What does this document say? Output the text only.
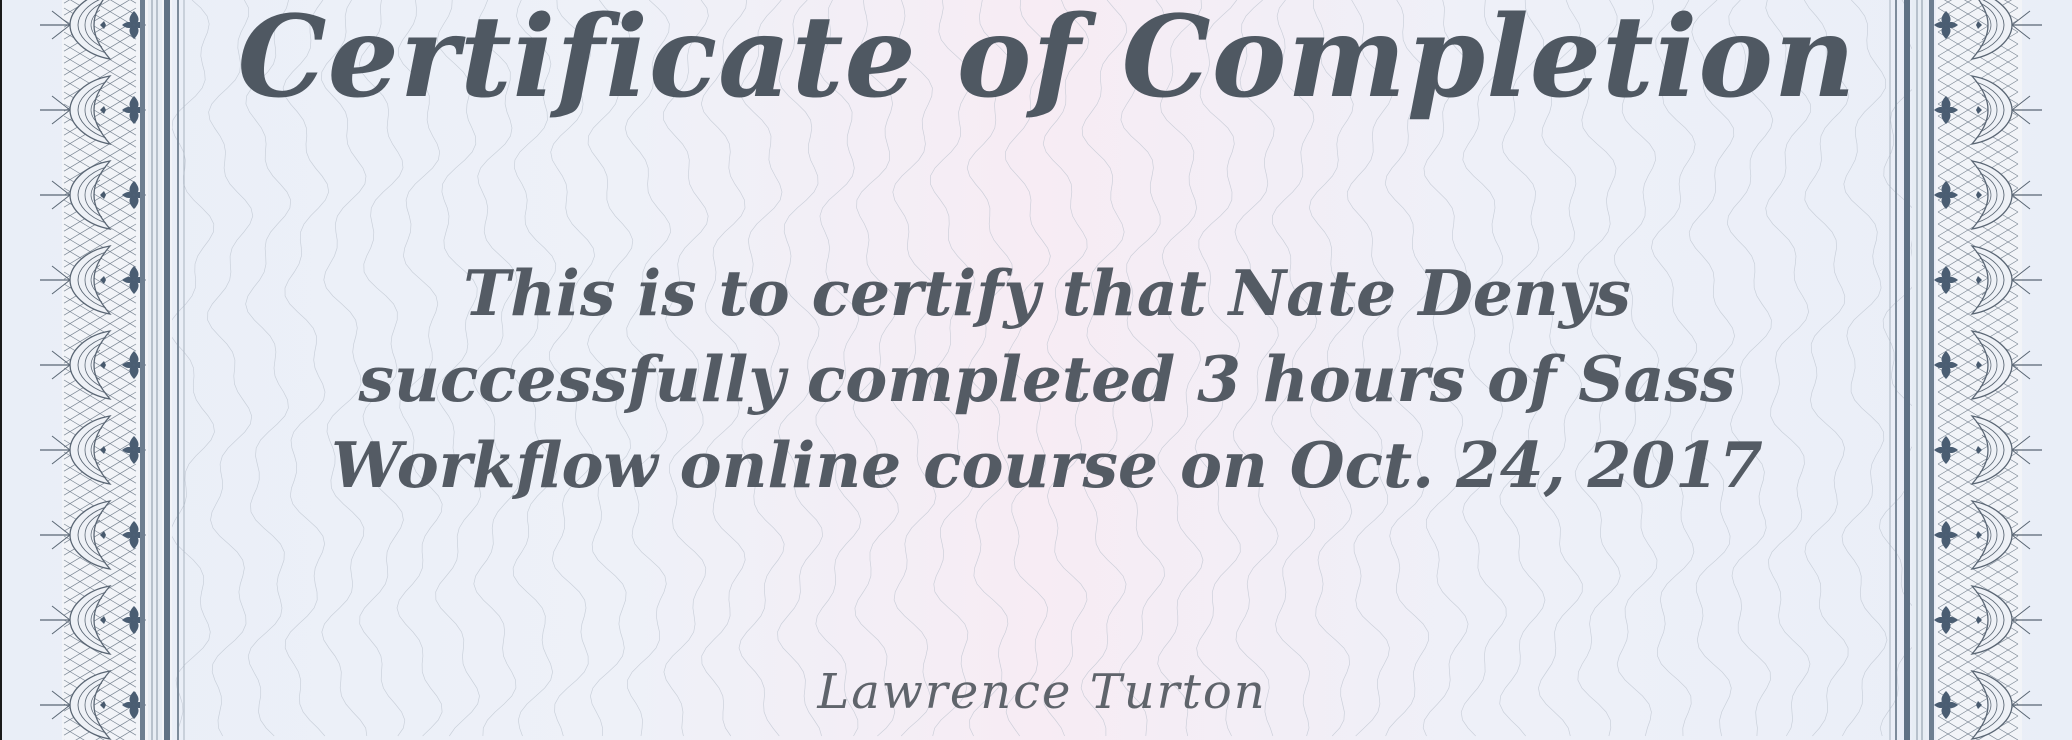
Certificate of Completion

This is to certify that Nate Denys successfully completed 3 hours of Sass Workflow online course on Oct. 24, 2017

Lawrence Turton
